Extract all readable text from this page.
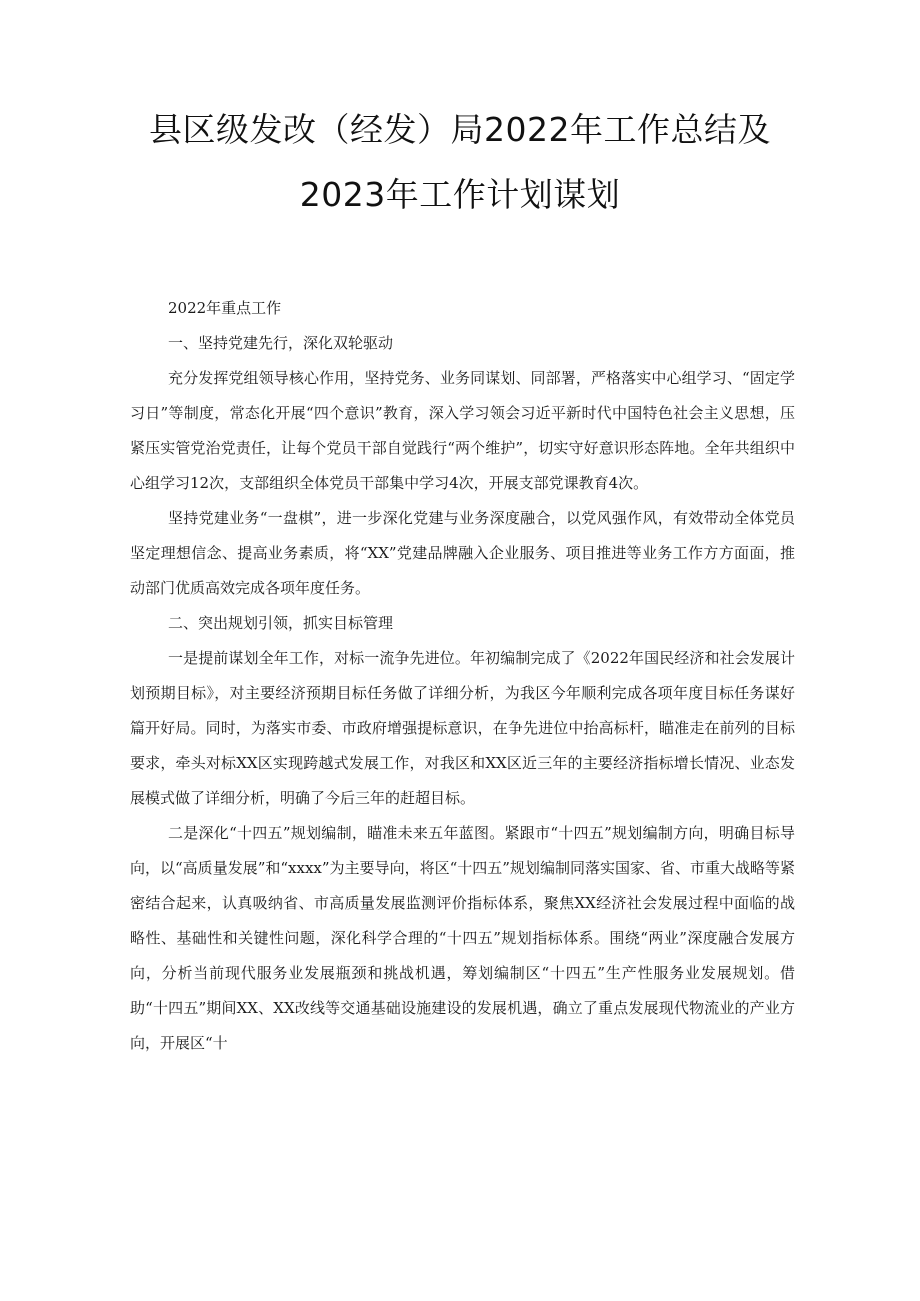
县区级发改（经发）局2022年工作总结及
2023年工作计划谋划

2022年重点工作

一、坚持党建先行，深化双轮驱动

充分发挥党组领导核心作用，坚持党务、业务同谋划、同部署，严格落实中心组学习、“固定学习日”等制度，常态化开展“四个意识”教育，深入学习领会习近平新时代中国特色社会主义思想，压紧压实管党治党责任，让每个党员干部自觉践行“两个维护”，切实守好意识形态阵地。全年共组织中心组学习12次，支部组织全体党员干部集中学习4次，开展支部党课教育4次。

坚持党建业务“一盘棋”，进一步深化党建与业务深度融合，以党风强作风，有效带动全体党员坚定理想信念、提高业务素质，将“XX”党建品牌融入企业服务、项目推进等业务工作方方面面，推动部门优质高效完成各项年度任务。

二、突出规划引领，抓实目标管理

一是提前谋划全年工作，对标一流争先进位。年初编制完成了《2022年国民经济和社会发展计划预期目标》，对主要经济预期目标任务做了详细分析，为我区今年顺利完成各项年度目标任务谋好篇开好局。同时，为落实市委、市政府增强提标意识，在争先进位中抬高标杆，瞄准走在前列的目标要求，牵头对标XX区实现跨越式发展工作，对我区和XX区近三年的主要经济指标增长情况、业态发展模式做了详细分析，明确了今后三年的赶超目标。

二是深化“十四五”规划编制，瞄准未来五年蓝图。紧跟市“十四五”规划编制方向，明确目标导向，以“高质量发展”和“xxxx”为主要导向，将区“十四五”规划编制同落实国家、省、市重大战略等紧密结合起来，认真吸纳省、市高质量发展监测评价指标体系，聚焦XX经济社会发展过程中面临的战略性、基础性和关键性问题，深化科学合理的“十四五”规划指标体系。围绕“两业”深度融合发展方向，分析当前现代服务业发展瓶颈和挑战机遇，筹划编制区“十四五”生产性服务业发展规划。借助“十四五”期间XX、XX改线等交通基础设施建设的发展机遇，确立了重点发展现代物流业的产业方向，开展区“十
